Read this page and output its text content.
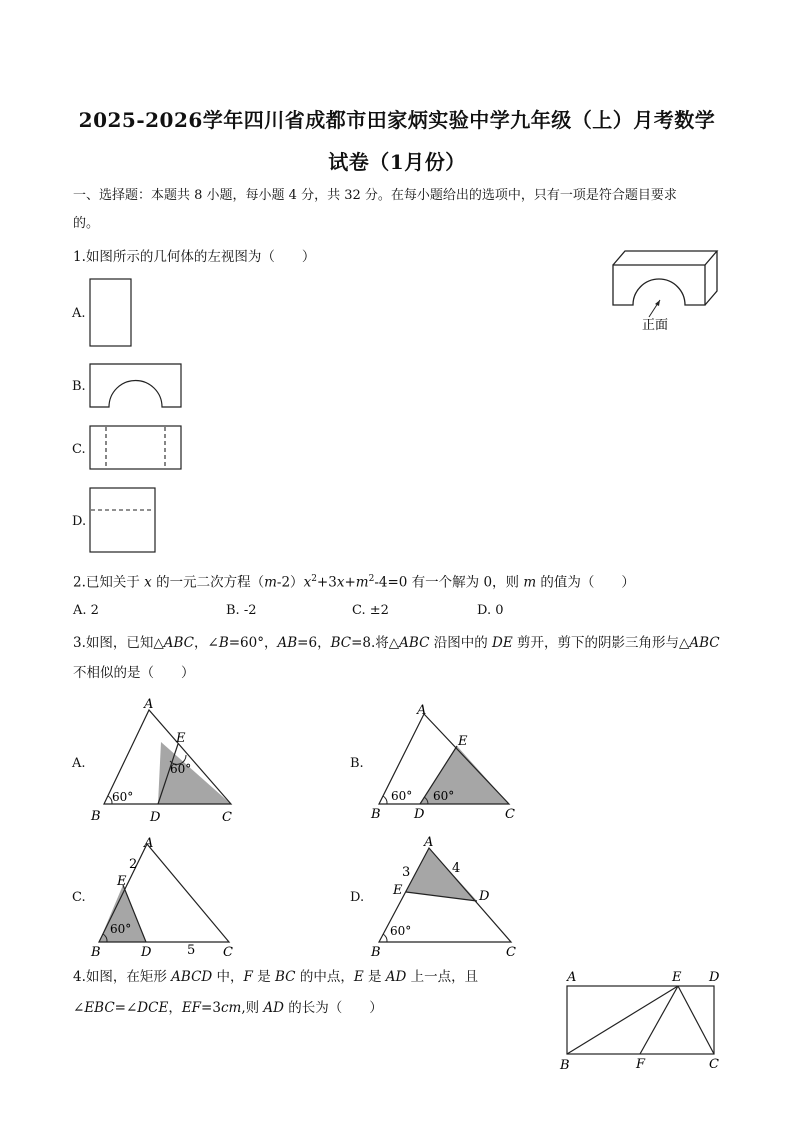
2025-2026学年四川省成都市田家炳实验中学九年级（上）月考数学
试卷（1月份）
一、选择题：本题共 8 小题，每小题 4 分，共 32 分。在每小题给出的选项中，只有一项是符合题目要求
的。
1.如图所示的几何体的左视图为（　　）
正面
A.
B.
C.
D.
2.已知关于 x 的一元二次方程$(m-2)x^2+3x+m^2-4=0$ 有一个解为 0，则 m 的值为（　　）
A. 2	B. -2	C. ±2	D. 0
3.如图，已知△ABC，∠B=60°，AB=6，BC=8.将△ABC 沿图中的 DE 剪开，剪下的阴影三角形与△ABC
不相似的是（　　）
A.
A
E
60°
60°
B	D	C
B.
A
E
60° 60°
B	D	C
C.
A
2
E
60°
5
B	D	C
D.
A
3	4
E	D
60°
B	C
4.如图，在矩形 ABCD 中，F 是 BC 的中点，E 是 AD 上一点，且
∠EBC=∠DCE，EF=3cm,则 AD 的长为（　　）
A	E D
B	F	C
